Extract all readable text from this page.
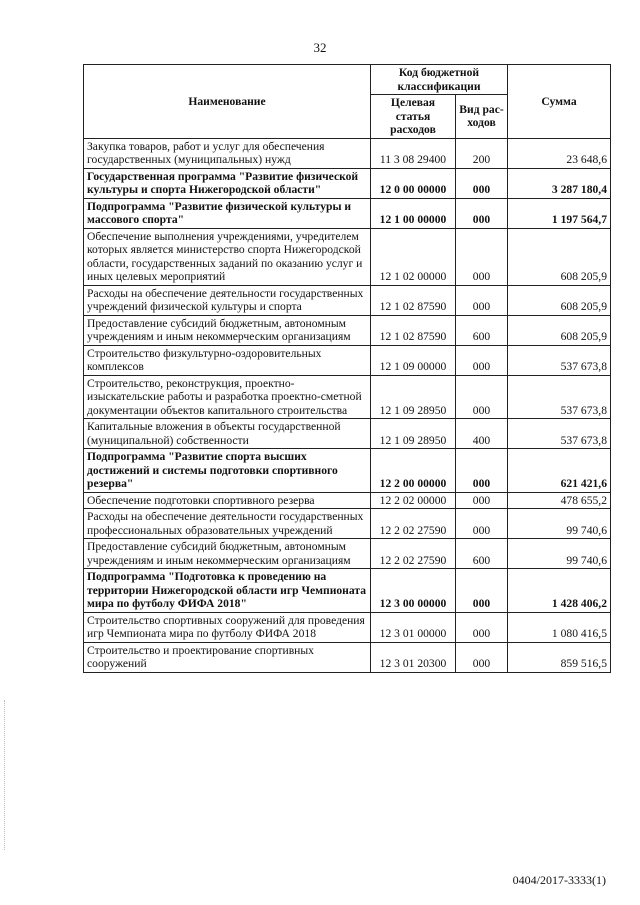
32
Наименование	Код бюджетной классификации		Сумма
	Целевая статья расходов	Вид рас-ходов	
Закупка товаров, работ и услуг для обеспечения государственных (муниципальных) нужд	11 3 08 29400	200	23 648,6
Государственная программа "Развитие физической культуры и спорта Нижегородской области"	12 0 00 00000	000	3 287 180,4
Подпрограмма "Развитие физической культуры и массового спорта"	12 1 00 00000	000	1 197 564,7
Обеспечение выполнения учреждениями, учредителем которых является министерство спорта Нижегородской области, государственных заданий по оказанию услуг и иных целевых мероприятий	12 1 02 00000	000	608 205,9
Расходы на обеспечение деятельности государственных учреждений физической культуры и спорта	12 1 02 87590	000	608 205,9
Предоставление субсидий бюджетным, автономным учреждениям и иным некоммерческим организациям	12 1 02 87590	600	608 205,9
Строительство физкультурно-оздоровительных комплексов	12 1 09 00000	000	537 673,8
Строительство, реконструкция, проектно-изыскательские работы и разработка проектно-сметной документации объектов капитального строительства	12 1 09 28950	000	537 673,8
Капитальные вложения в объекты государственной (муниципальной) собственности	12 1 09 28950	400	537 673,8
Подпрограмма "Развитие спорта высших достижений и системы подготовки спортивного резерва"	12 2 00 00000	000	621 421,6
Обеспечение подготовки спортивного резерва	12 2 02 00000	000	478 655,2
Расходы на обеспечение деятельности государственных профессиональных образовательных учреждений	12 2 02 27590	000	99 740,6
Предоставление субсидий бюджетным, автономным учреждениям и иным некоммерческим организациям	12 2 02 27590	600	99 740,6
Подпрограмма "Подготовка к проведению на территории Нижегородской области игр Чемпионата мира по футболу ФИФА 2018"	12 3 00 00000	000	1 428 406,2
Строительство спортивных сооружений для проведения игр Чемпионата мира по футболу ФИФА 2018	12 3 01 00000	000	1 080 416,5
Строительство и проектирование спортивных сооружений	12 3 01 20300	000	859 516,5
0404/2017-3333(1)
